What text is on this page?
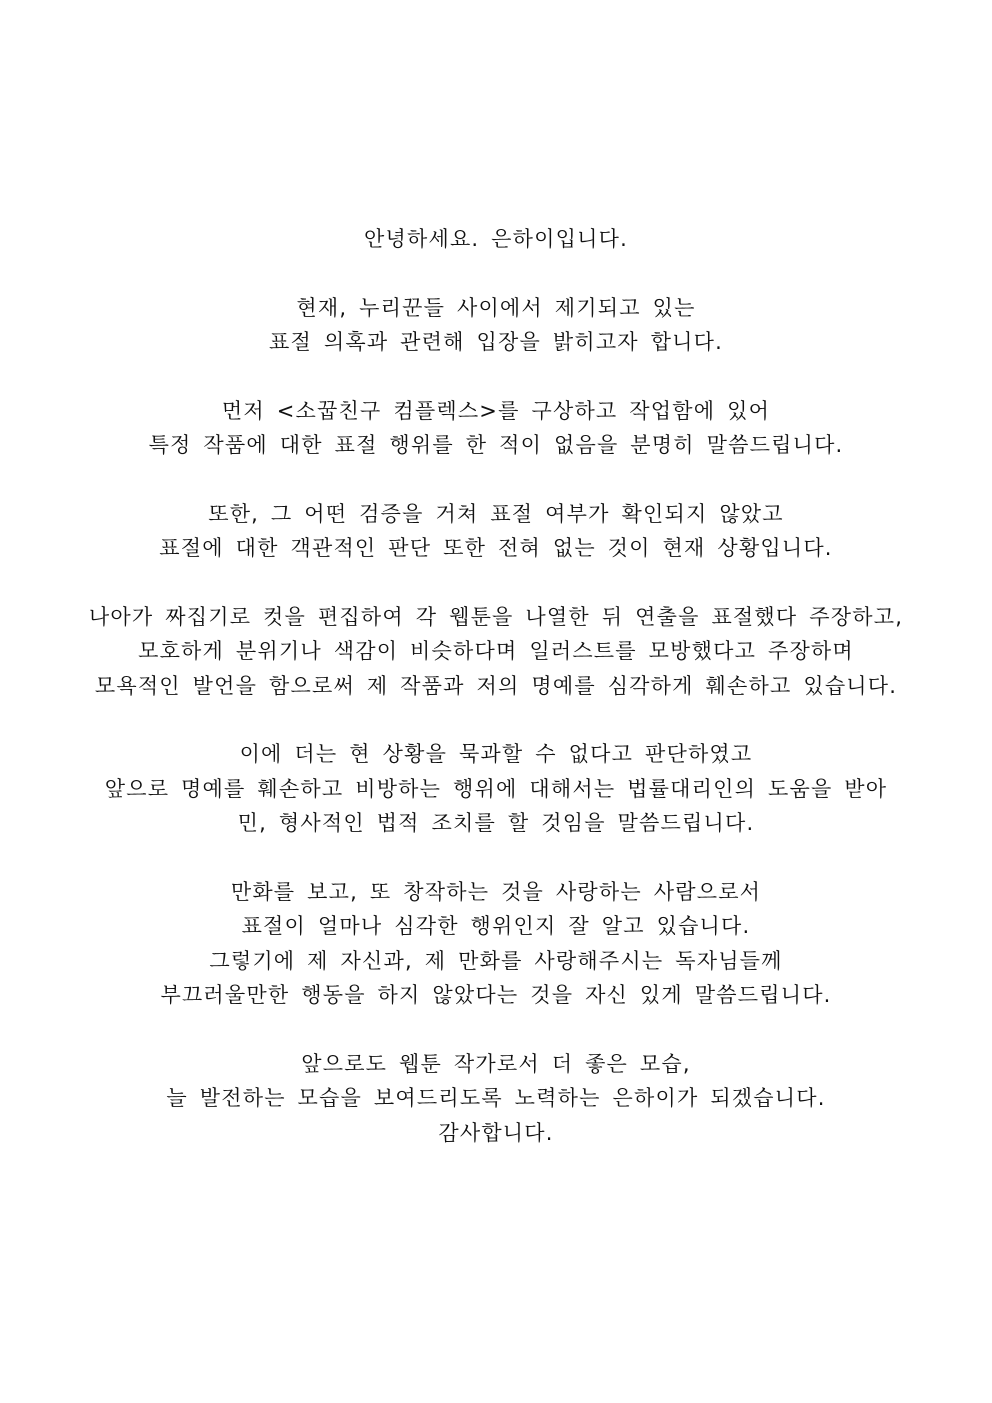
안녕하세요. 은하이입니다.

현재, 누리꾼들 사이에서 제기되고 있는
표절 의혹과 관련해 입장을 밝히고자 합니다.

먼저 <소꿉친구 컴플렉스>를 구상하고 작업함에 있어
특정 작품에 대한 표절 행위를 한 적이 없음을 분명히 말씀드립니다.

또한, 그 어떤 검증을 거쳐 표절 여부가 확인되지 않았고
표절에 대한 객관적인 판단 또한 전혀 없는 것이 현재 상황입니다.

나아가 짜집기로 컷을 편집하여 각 웹툰을 나열한 뒤 연출을 표절했다 주장하고,
모호하게 분위기나 색감이 비슷하다며 일러스트를 모방했다고 주장하며
모욕적인 발언을 함으로써 제 작품과 저의 명예를 심각하게 훼손하고 있습니다.

이에 더는 현 상황을 묵과할 수 없다고 판단하였고
앞으로 명예를 훼손하고 비방하는 행위에 대해서는 법률대리인의 도움을 받아
민, 형사적인 법적 조치를 할 것임을 말씀드립니다.

만화를 보고, 또 창작하는 것을 사랑하는 사람으로서
표절이 얼마나 심각한 행위인지 잘 알고 있습니다.
그렇기에 제 자신과, 제 만화를 사랑해주시는 독자님들께
부끄러울만한 행동을 하지 않았다는 것을 자신 있게 말씀드립니다.

앞으로도 웹툰 작가로서 더 좋은 모습,
늘 발전하는 모습을 보여드리도록 노력하는 은하이가 되겠습니다.
감사합니다.
